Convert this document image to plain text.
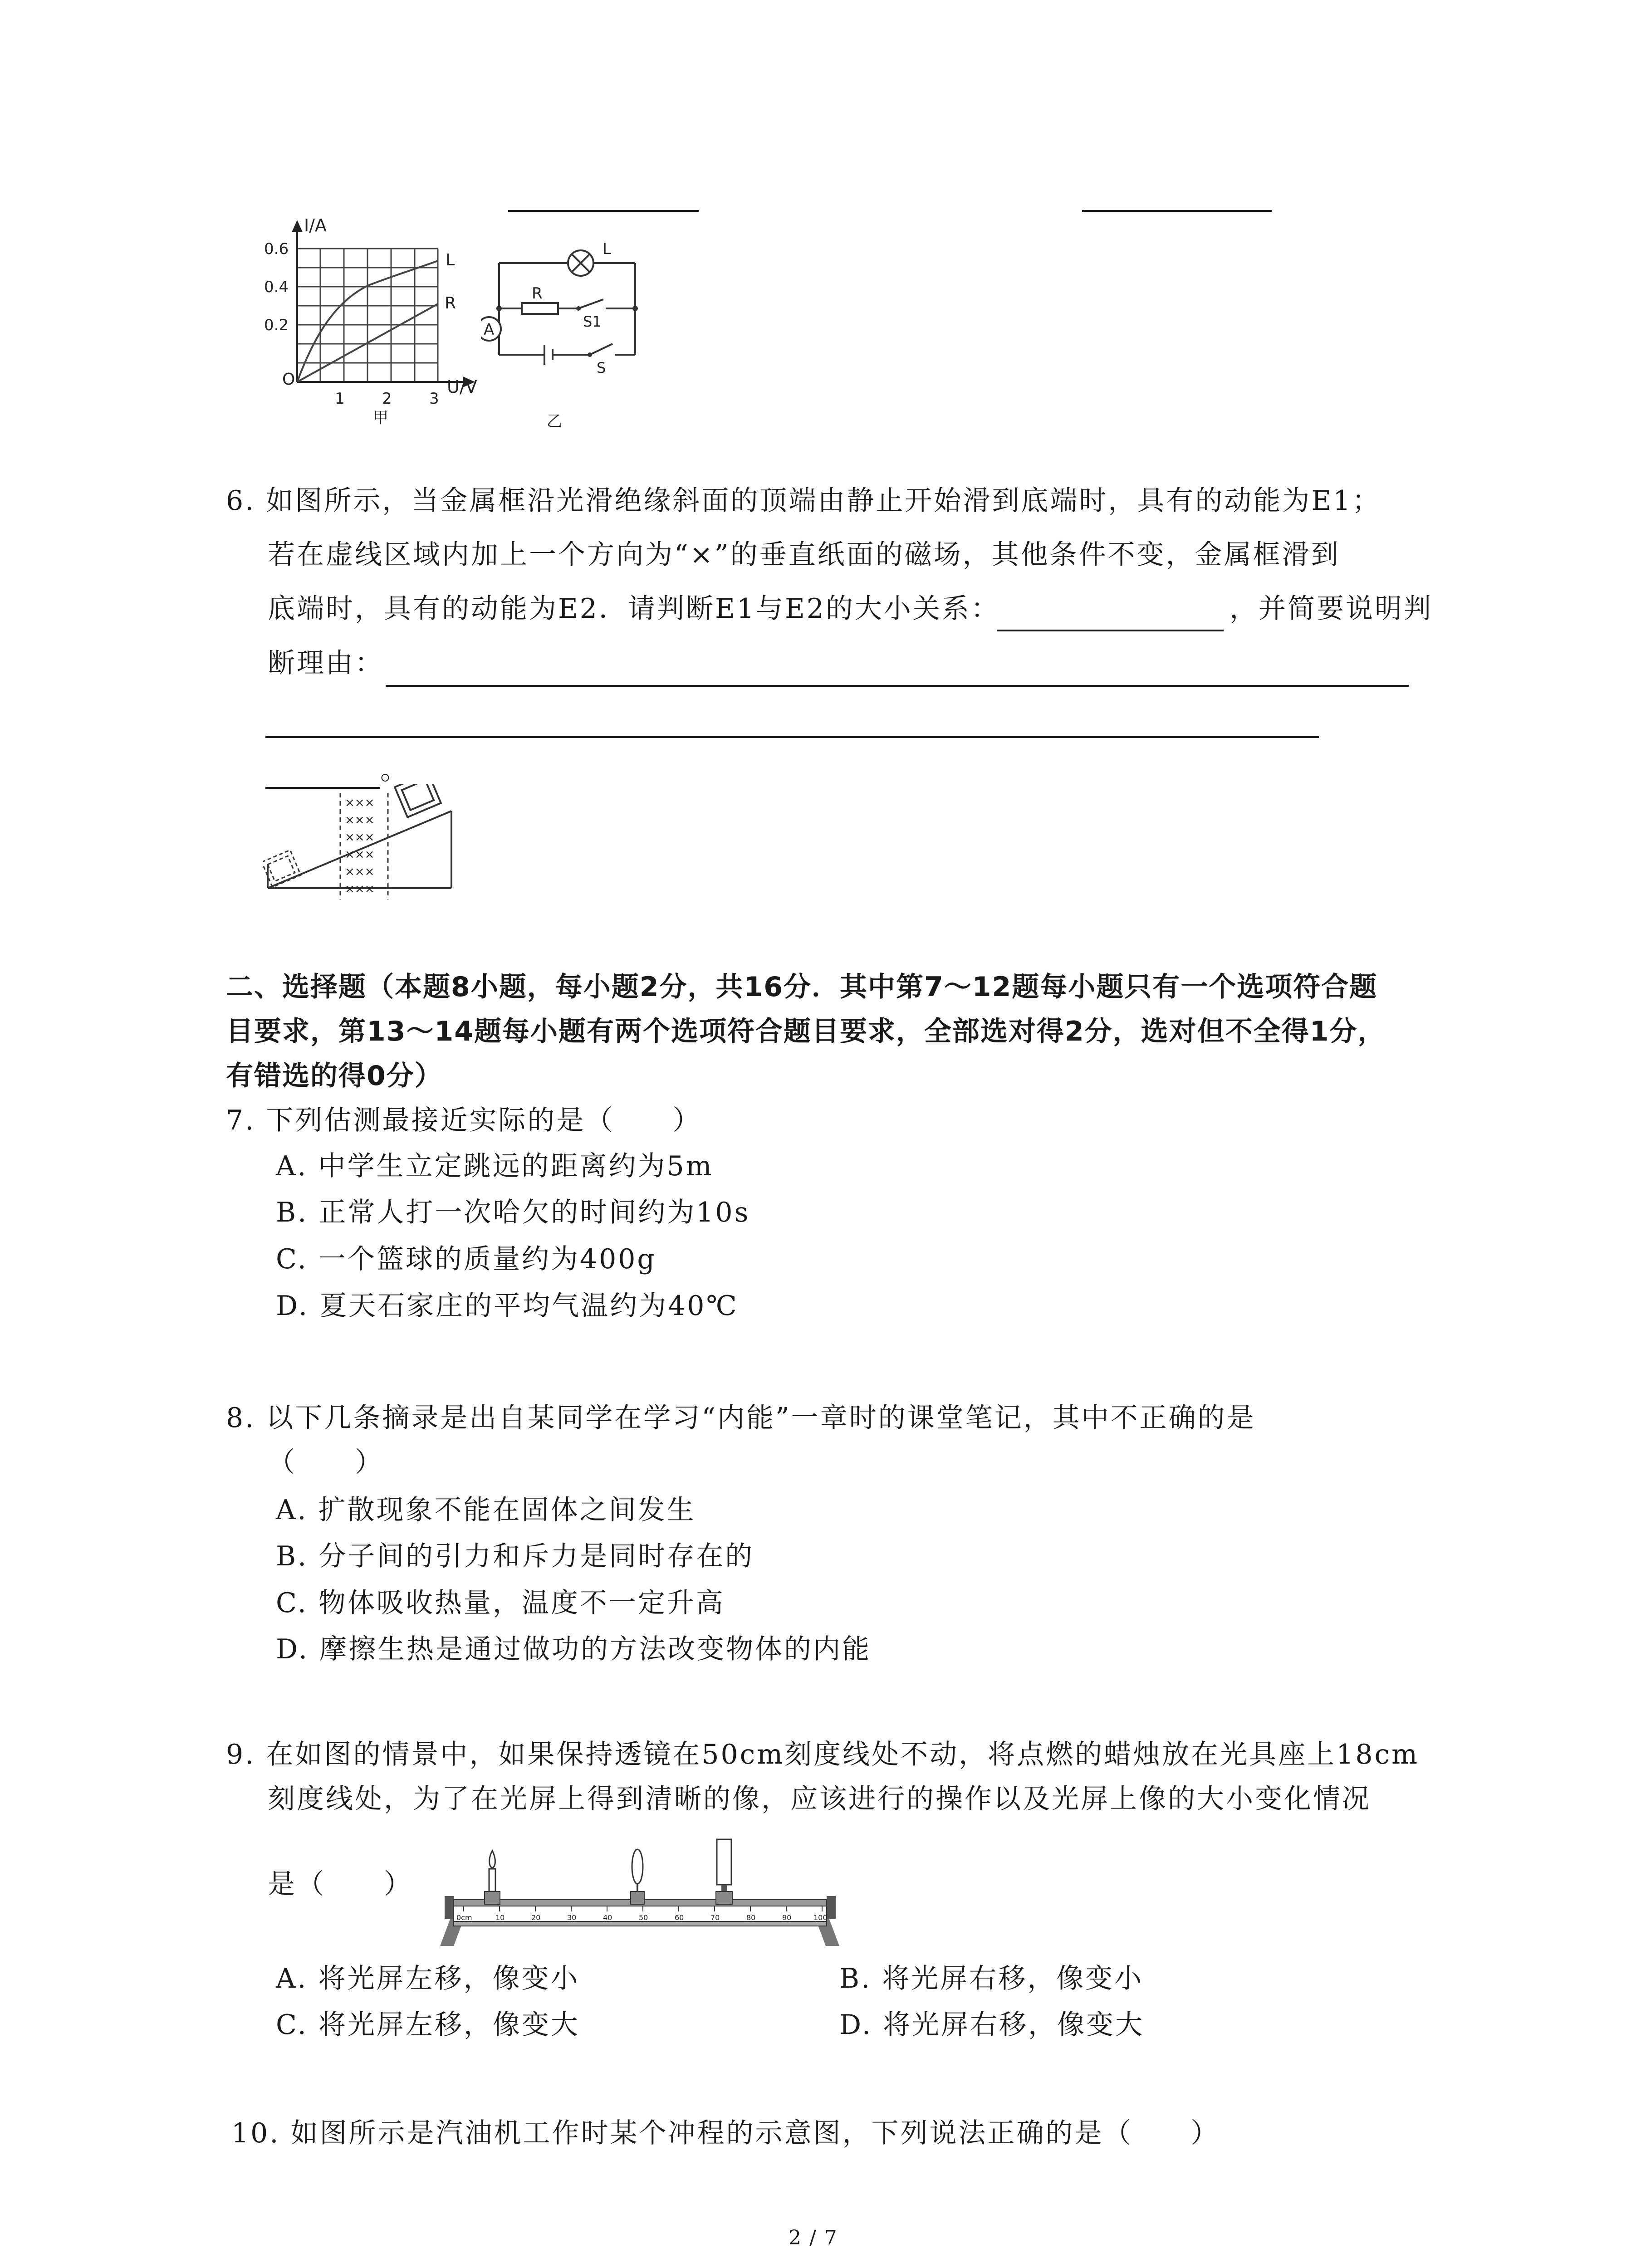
I/A
0.6
0.4
0.2
O
1 2 3
U/V
L
R
甲
A
L
R
S1
S
乙
6. 如图所示，当金属框沿光滑绝缘斜面的顶端由静止开始滑到底端时，具有的动能为E1；
若在虚线区域内加上一个方向为“×”的垂直纸面的磁场，其他条件不变，金属框滑到
底端时，具有的动能为E2．请判断E1与E2的大小关系：	，并简要说明判
断理由：
。
×××
×××
×××
×××
×××
×××
二、选择题（本题8小题，每小题2分，共16分．其中第7～12题每小题只有一个选项符合题
目要求，第13～14题每小题有两个选项符合题目要求，全部选对得2分，选对但不全得1分，
有错选的得0分）
7. 下列估测最接近实际的是（　　）
A. 中学生立定跳远的距离约为5m
B. 正常人打一次哈欠的时间约为10s
C. 一个篮球的质量约为400g
D. 夏天石家庄的平均气温约为40℃
8. 以下几条摘录是出自某同学在学习“内能”一章时的课堂笔记，其中不正确的是
（　　）
A. 扩散现象不能在固体之间发生
B. 分子间的引力和斥力是同时存在的
C. 物体吸收热量，温度不一定升高
D. 摩擦生热是通过做功的方法改变物体的内能
9. 在如图的情景中，如果保持透镜在50cm刻度线处不动，将点燃的蜡烛放在光具座上18cm
刻度线处，为了在光屏上得到清晰的像，应该进行的操作以及光屏上像的大小变化情况
是（　　）
0cm	10	20	30	40	50	60	70	80	90	100
A. 将光屏左移，像变小	B. 将光屏右移，像变小
C. 将光屏左移，像变大	D. 将光屏右移，像变大
10. 如图所示是汽油机工作时某个冲程的示意图，下列说法正确的是（　　）
2 / 7
